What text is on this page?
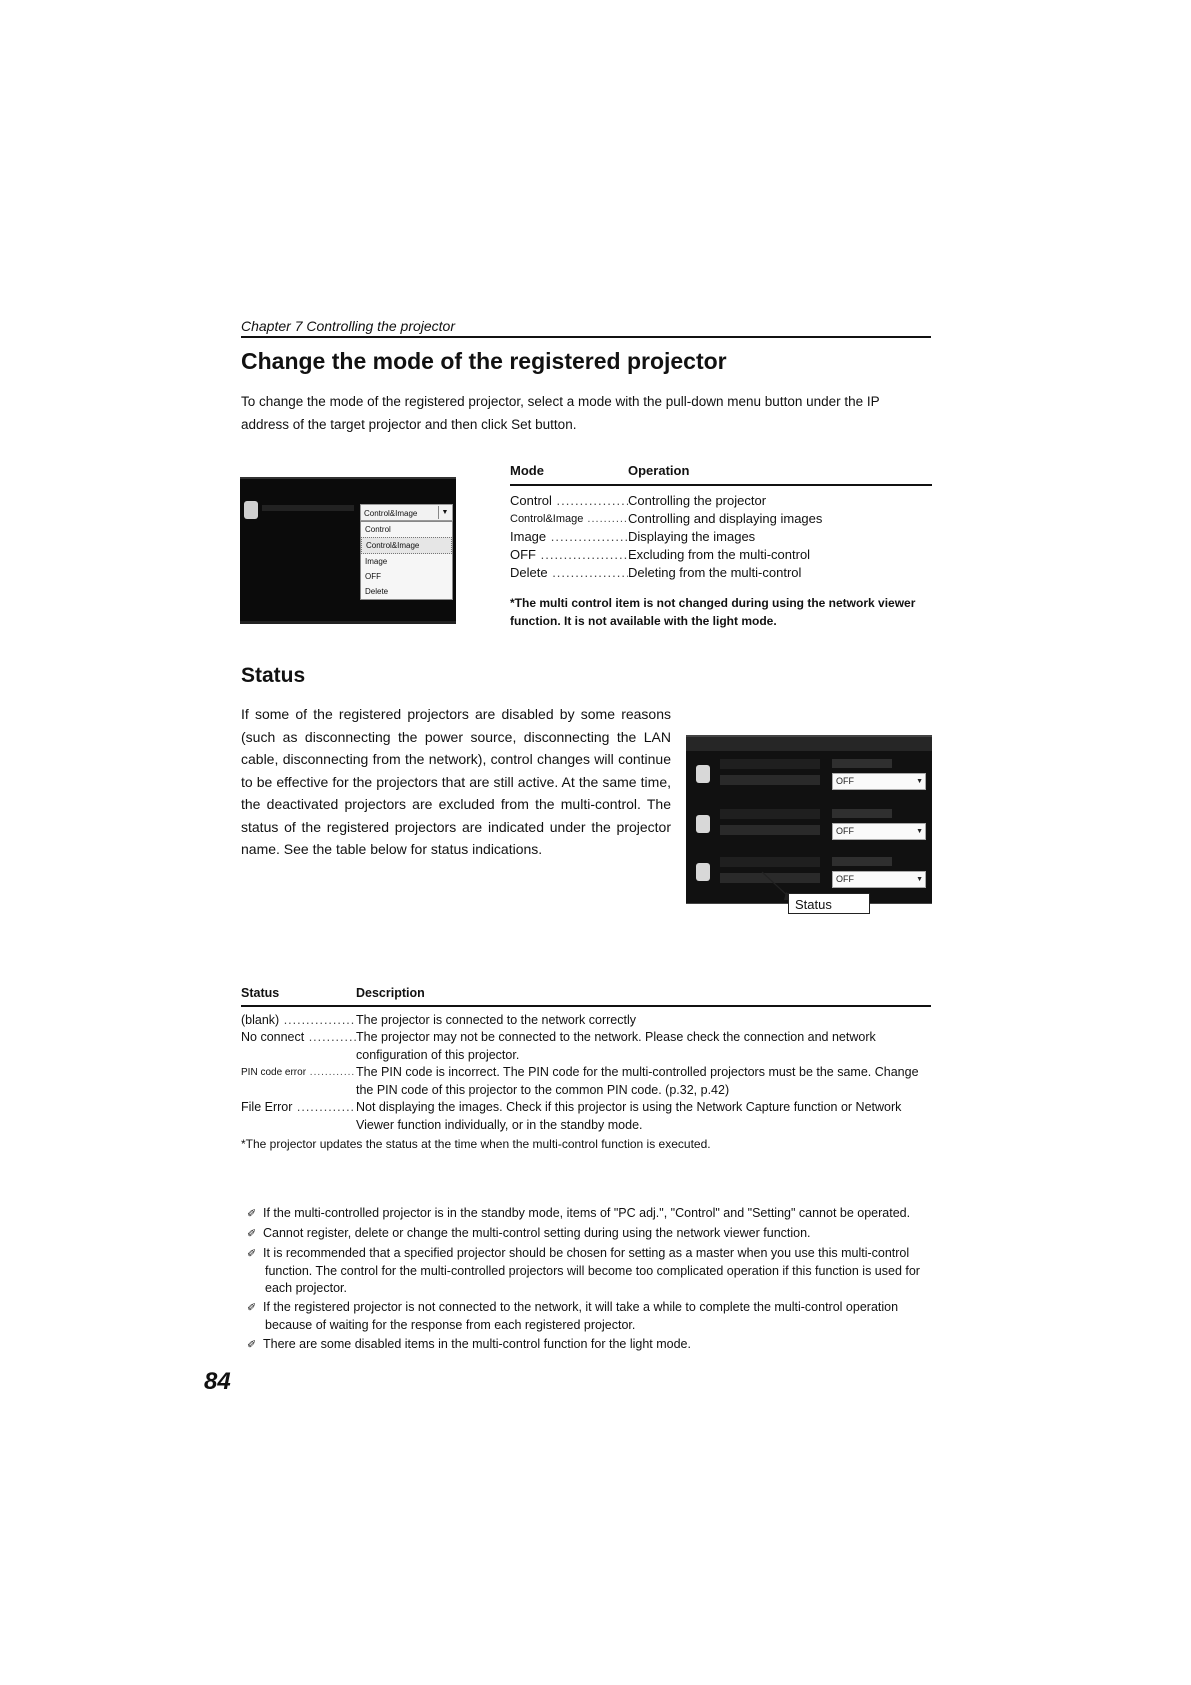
Chapter 7 Controlling the projector
Change the mode of the registered projector
To change the mode of the registered projector, select a mode with the pull-down menu button under the IP address of the target projector and then click Set button.
Control&Image	▼
Control
Control&Image
Image
OFF
Delete
Mode	Operation
Control .....	Controlling the projector
Control&Image .....	Controlling and displaying images
Image .....	Displaying the images
OFF .....	Excluding from the multi-control
Delete .....	Deleting from the multi-control
*The multi control item is not changed during using the network viewer function. It is not available with the light mode.
Status
If some of the registered projectors are disabled by some reasons (such as disconnecting the power source, disconnecting the LAN cable, disconnecting from the network), control changes will continue to be effective for the projectors that are still active. At the same time, the deactivated projectors are excluded from the multi-control. The status of the registered projectors are indicated under the projector name. See the table below for status indications.
OFF	▼
OFF	▼
OFF	▼
Status
Status	Description
(blank) .....	The projector is connected to the network correctly
No connect .....	The projector may not be connected to the network. Please check the connection and network configuration of this projector.
PIN code error .....	The PIN code is incorrect. The PIN code for the multi-controlled projectors must be the same. Change the PIN code of this projector to the common PIN code. (p.32, p.42)
File Error .....	Not displaying the images. Check if this projector is using the Network Capture function or Network Viewer function individually, or in the standby mode.
*The projector updates the status at the time when the multi-control function is executed.
✐ If the multi-controlled projector is in the standby mode, items of "PC adj.", "Control" and "Setting" cannot be operated.
✐ Cannot register, delete or change the multi-control setting during using the network viewer function.
✐ It is recommended that a specified projector should be chosen for setting as a master when you use this multi-control function. The control for the multi-controlled projectors will become too complicated operation if this function is used for each projector.
✐ If the registered projector is not connected to the network, it will take a while to complete the multi-control operation because of waiting for the response from each registered projector.
✐ There are some disabled items in the multi-control function for the light mode.
84
